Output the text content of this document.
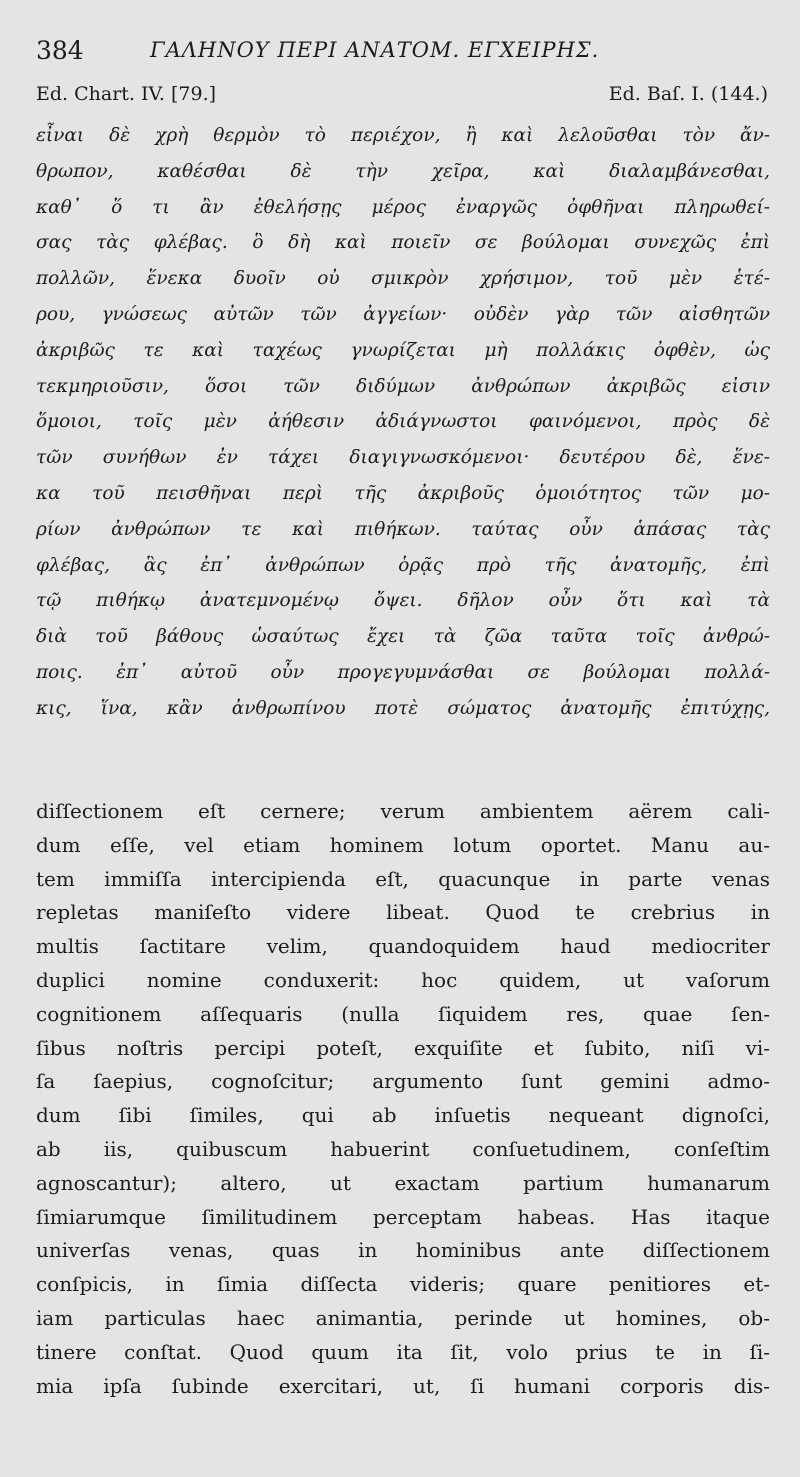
384	ΓΑΛΗΝΟΥ ΠΕΡΙ ΑΝΑΤΟΜ. ΕΓΧΕΙΡΗΣ.
Ed. Chart. IV. [79.]	Ed. Baſ. I. (144.)
εἶναι δὲ χρὴ θερμὸν τὸ περιέχον, ἢ καὶ λελοῦσθαι τὸν ἄν-
θρωπον, καθέσθαι δὲ τὴν χεῖρα, καὶ διαλαμβάνεσθαι,
καθ᾽ ὅ τι ἂν ἐθελήσῃς μέρος ἐναργῶς ὀφθῆναι πληρωθεί-
σας τὰς φλέβας. ὃ δὴ καὶ ποιεῖν σε βούλομαι συνεχῶς ἐπὶ
πολλῶν, ἕνεκα δυοῖν οὐ σμικρὸν χρήσιμον, τοῦ μὲν ἑτέ-
ρου, γνώσεως αὐτῶν τῶν ἀγγείων· οὐδὲν γὰρ τῶν αἰσθητῶν
ἀκριβῶς τε καὶ ταχέως γνωρίζεται μὴ πολλάκις ὀφθὲν, ὡς
τεκμηριοῦσιν, ὅσοι τῶν διδύμων ἀνθρώπων ἀκριβῶς εἰσιν
ὅμοιοι, τοῖς μὲν ἀήθεσιν ἀδιάγνωστοι φαινόμενοι, πρὸς δὲ
τῶν συνήθων ἐν τάχει διαγιγνωσκόμενοι· δευτέρου δὲ, ἕνε-
κα τοῦ πεισθῆναι περὶ τῆς ἀκριβοῦς ὁμοιότητος τῶν μο-
ρίων ἀνθρώπων τε καὶ πιθήκων. ταύτας οὖν ἁπάσας τὰς
φλέβας, ἃς ἐπ᾽ ἀνθρώπων ὁρᾷς πρὸ τῆς ἀνατομῆς, ἐπὶ
τῷ πιθήκῳ ἀνατεμνομένῳ ὄψει. δῆλον οὖν ὅτι καὶ τὰ
διὰ τοῦ βάθους ὡσαύτως ἔχει τὰ ζῶα ταῦτα τοῖς ἀνθρώ-
ποις. ἐπ᾽ αὐτοῦ οὖν προγεγυμνάσθαι σε βούλομαι πολλά-
κις, ἵνα, κἂν ἀνθρωπίνου ποτὲ σώματος ἀνατομῆς ἐπιτύχῃς,
diſſectionem eſt cernere; verum ambientem aërem cali-
dum eſſe, vel etiam hominem lotum oportet. Manu au-
tem immiſſa intercipienda eſt, quacunque in parte venas
repletas maniſeſto videre libeat. Quod te crebrius in
multis ſactitare velim, quandoquidem haud mediocriter
duplici nomine conduxerit: hoc quidem, ut vaſorum
cognitionem aſſequaris (nulla ſiquidem res, quae ſen-
ſibus noſtris percipi poteſt, exquiſite et ſubito, niſi vi-
ſa ſaepius, cognoſcitur; argumento ſunt gemini admo-
dum ſibi ſimiles, qui ab inſuetis nequeant dignoſci,
ab iis, quibuscum habuerint conſuetudinem, conſeſtim
agnoscantur); altero, ut exactam partium humanarum
ſimiarumque ſimilitudinem perceptam habeas. Has itaque
univerſas venas, quas in hominibus ante diſſectionem
conſpicis, in ſimia diſſecta videris; quare penitiores et-
iam particulas haec animantia, perinde ut homines, ob-
tinere conſtat. Quod quum ita ſit, volo prius te in ſi-
mia ipſa ſubinde exercitari, ut, ſi humani corporis dis-
